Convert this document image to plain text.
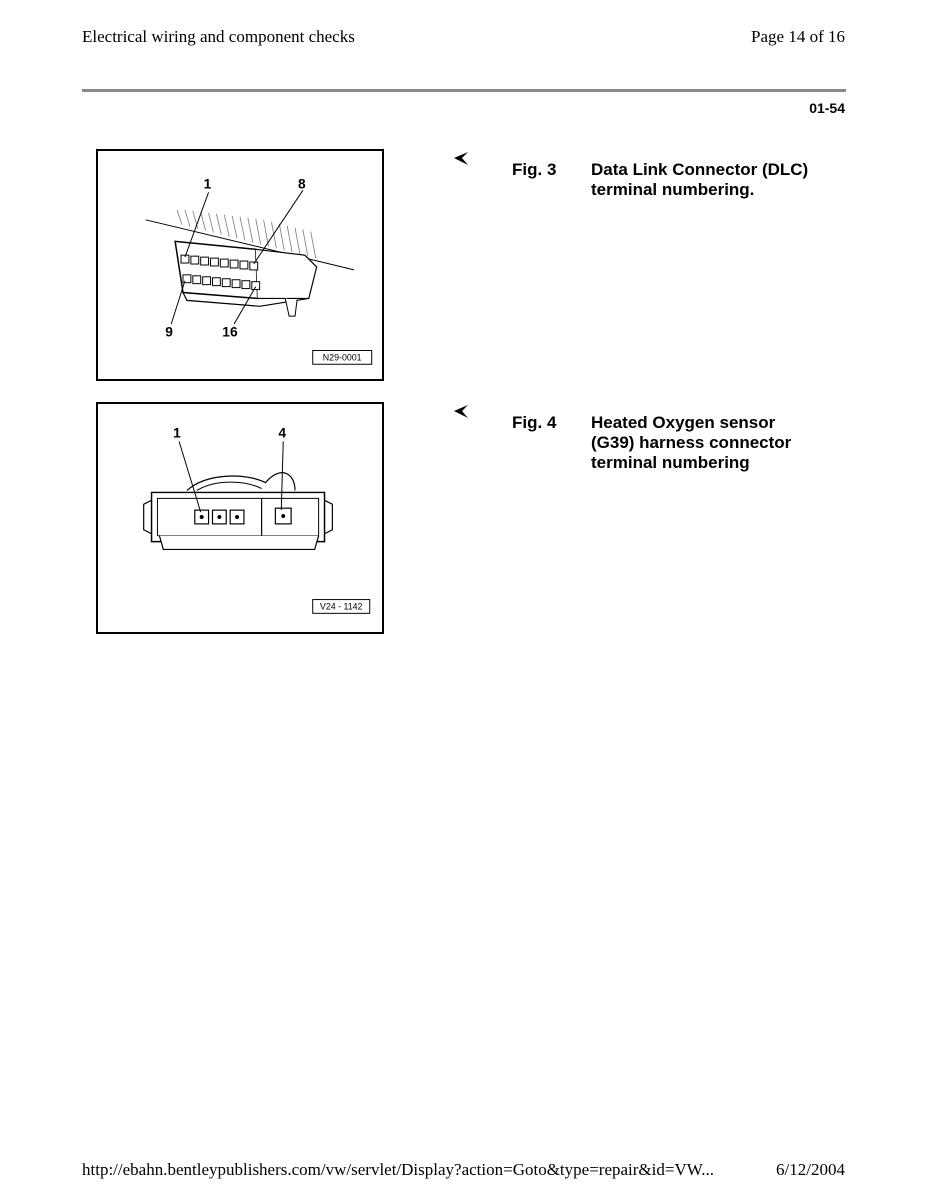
Electrical wiring and component checks	Page 14 of 16
01-54
1	8
9	16
N29-0001
1	4
V24 - 1142
Fig. 3 Data Link Connector (DLC)
terminal numbering.
Fig. 4 Heated Oxygen sensor
(G39) harness connector
terminal numbering
http://ebahn.bentleypublishers.com/vw/servlet/Display?action=Goto&type=repair&id=VW...	6/12/2004
